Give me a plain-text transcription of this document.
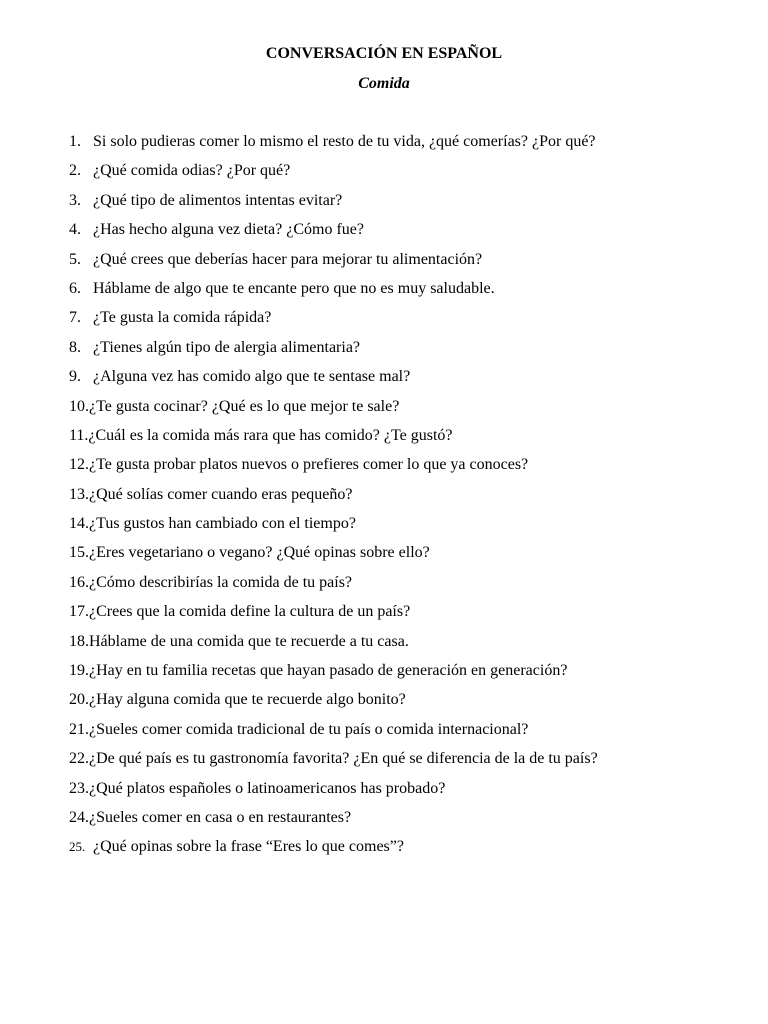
CONVERSACIÓN EN ESPAÑOL
Comida
1. Si solo pudieras comer lo mismo el resto de tu vida, ¿qué comerías? ¿Por qué?
2. ¿Qué comida odias? ¿Por qué?
3. ¿Qué tipo de alimentos intentas evitar?
4. ¿Has hecho alguna vez dieta? ¿Cómo fue?
5. ¿Qué crees que deberías hacer para mejorar tu alimentación?
6. Háblame de algo que te encante pero que no es muy saludable.
7. ¿Te gusta la comida rápida?
8. ¿Tienes algún tipo de alergia alimentaria?
9. ¿Alguna vez has comido algo que te sentase mal?
10. ¿Te gusta cocinar? ¿Qué es lo que mejor te sale?
11. ¿Cuál es la comida más rara que has comido? ¿Te gustó?
12. ¿Te gusta probar platos nuevos o prefieres comer lo que ya conoces?
13. ¿Qué solías comer cuando eras pequeño?
14. ¿Tus gustos han cambiado con el tiempo?
15. ¿Eres vegetariano o vegano? ¿Qué opinas sobre ello?
16. ¿Cómo describirías la comida de tu país?
17. ¿Crees que la comida define la cultura de un país?
18. Háblame de una comida que te recuerde a tu casa.
19. ¿Hay en tu familia recetas que hayan pasado de generación en generación?
20. ¿Hay alguna comida que te recuerde algo bonito?
21. ¿Sueles comer comida tradicional de tu país o comida internacional?
22. ¿De qué país es tu gastronomía favorita? ¿En qué se diferencia de la de tu país?
23. ¿Qué platos españoles o latinoamericanos has probado?
24. ¿Sueles comer en casa o en restaurantes?
25. ¿Qué opinas sobre la frase “Eres lo que comes”?
